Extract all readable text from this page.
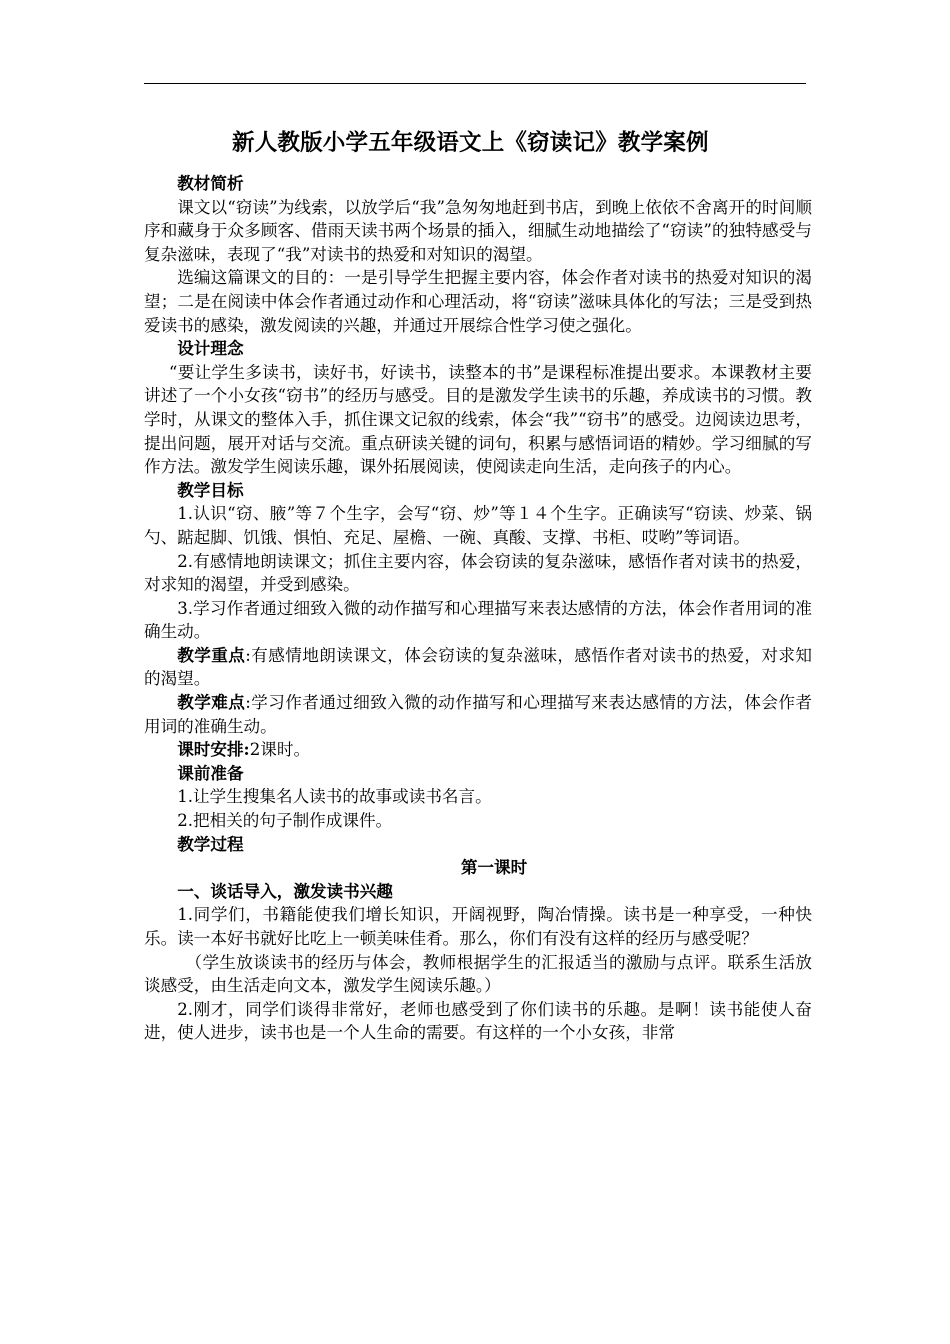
新人教版小学五年级语文上《窃读记》教学案例

教材简析

课文以“窃读”为线索，以放学后“我”急匆匆地赶到书店，到晚上依依不舍离开的时间顺序和藏身于众多顾客、借雨天读书两个场景的插入，细腻生动地描绘了“窃读”的独特感受与复杂滋味，表现了“我”对读书的热爱和对知识的渴望。

选编这篇课文的目的：一是引导学生把握主要内容，体会作者对读书的热爱对知识的渴望；二是在阅读中体会作者通过动作和心理活动，将“窃读”滋味具体化的写法；三是受到热爱读书的感染，激发阅读的兴趣，并通过开展综合性学习使之强化。

设计理念

“要让学生多读书，读好书，好读书，读整本的书”是课程标准提出要求。本课教材主要讲述了一个小女孩“窃书”的经历与感受。目的是激发学生读书的乐趣，养成读书的习惯。教学时，从课文的整体入手，抓住课文记叙的线索，体会“我”“窃书”的感受。边阅读边思考，提出问题，展开对话与交流。重点研读关键的词句，积累与感悟词语的精妙。学习细腻的写作方法。激发学生阅读乐趣，课外拓展阅读，使阅读走向生活，走向孩子的内心。

教学目标

1.认识“窃、腋”等７个生字，会写“窃、炒”等１４个生字。正确读写“窃读、炒菜、锅勺、踮起脚、饥饿、惧怕、充足、屋檐、一碗、真酸、支撑、书柜、哎哟”等词语。

2.有感情地朗读课文；抓住主要内容，体会窃读的复杂滋味，感悟作者对读书的热爱，对求知的渴望，并受到感染。

3.学习作者通过细致入微的动作描写和心理描写来表达感情的方法，体会作者用词的准确生动。

教学重点:有感情地朗读课文，体会窃读的复杂滋味，感悟作者对读书的热爱，对求知的渴望。

教学难点:学习作者通过细致入微的动作描写和心理描写来表达感情的方法，体会作者用词的准确生动。

课时安排:2课时。

课前准备

1.让学生搜集名人读书的故事或读书名言。

2.把相关的句子制作成课件。

教学过程

第一课时

一、谈话导入，激发读书兴趣

1.同学们，书籍能使我们增长知识，开阔视野，陶冶情操。读书是一种享受，一种快乐。读一本好书就好比吃上一顿美味佳肴。那么，你们有没有这样的经历与感受呢？

（学生放谈读书的经历与体会，教师根据学生的汇报适当的激励与点评。联系生活放谈感受，由生活走向文本，激发学生阅读乐趣。）

2.刚才，同学们谈得非常好，老师也感受到了你们读书的乐趣。是啊！读书能使人奋进，使人进步，读书也是一个人生命的需要。有这样的一个小女孩，非常
